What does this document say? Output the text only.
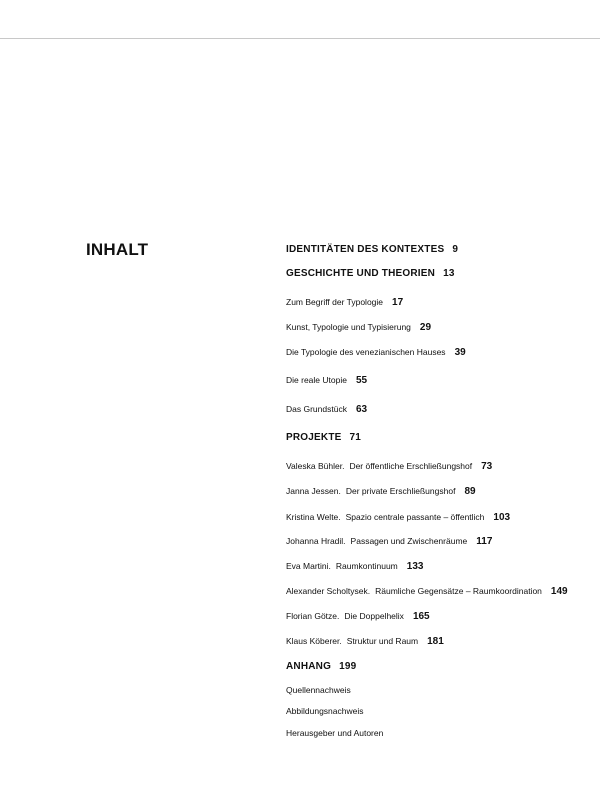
INHALT	IDENTITÄTEN DES KONTEXTES 9
GESCHICHTE UND THEORIEN 13
Zum Begriff der Typologie 17
Kunst, Typologie und Typisierung 29
Die Typologie des venezianischen Hauses 39
Die reale Utopie 55
Das Grundstück 63
PROJEKTE 71
Valeska Bühler. Der öffentliche Erschließungshof 73
Janna Jessen. Der private Erschließungshof 89
Kristina Welte. Spazio centrale passante – öffentlich 103
Johanna Hradil. Passagen und Zwischenräume 117
Eva Martini. Raumkontinuum 133
Alexander Scholtysek. Räumliche Gegensätze – Raumkoordination 149
Florian Götze. Die Doppelhelix 165
Klaus Köberer. Struktur und Raum 181
ANHANG 199
Quellennachweis
Abbildungsnachweis
Herausgeber und Autoren
